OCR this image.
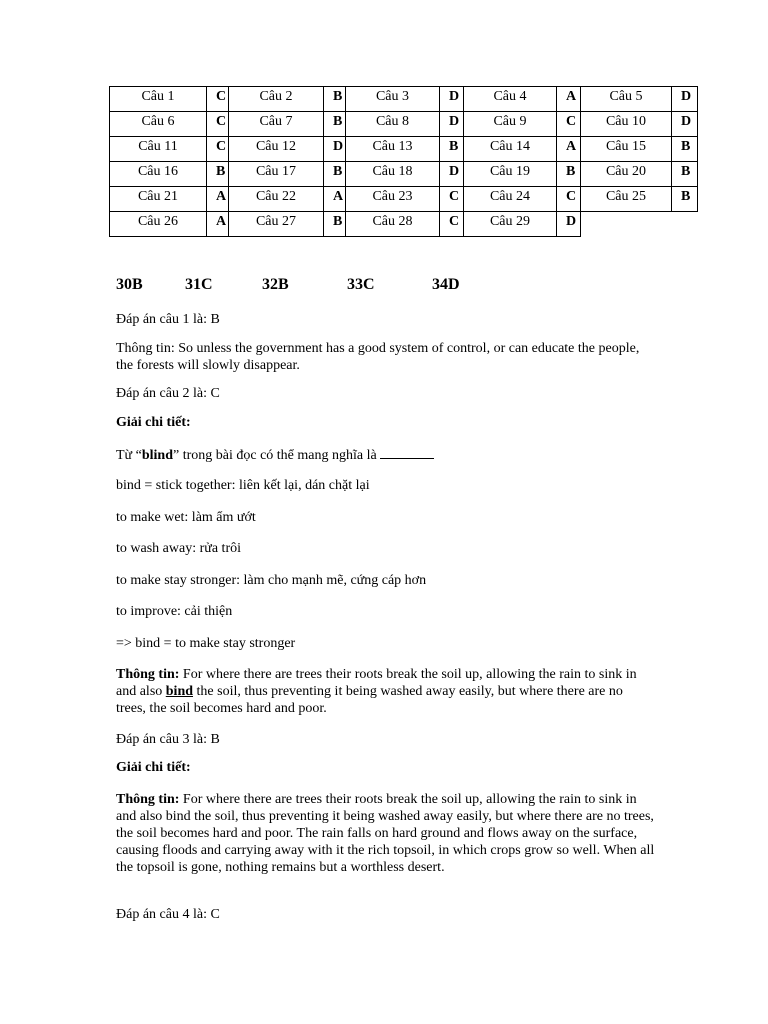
Câu 1	C	Câu 2	B	Câu 3	D	Câu 4	A	Câu 5	D
Câu 6	C	Câu 7	B	Câu 8	D	Câu 9	C	Câu 10	D
Câu 11	C	Câu 12	D	Câu 13	B	Câu 14	A	Câu 15	B
Câu 16	B	Câu 17	B	Câu 18	D	Câu 19	B	Câu 20	B
Câu 21	A	Câu 22	A	Câu 23	C	Câu 24	C	Câu 25	B
Câu 26	A	Câu 27	B	Câu 28	C	Câu 29	D		
30B	31C	32B	33C	34D

Đáp án câu 1 là: B

Thông tin: So unless the government has a good system of control, or can educate the people, the forests will slowly disappear.

Đáp án câu 2 là: C

Giải chi tiết:

Từ “blind” trong bài đọc có thể mang nghĩa là

bind = stick together: liên kết lại, dán chặt lại

to make wet: làm ẩm ướt

to wash away: rửa trôi

to make stay stronger: làm cho mạnh mẽ, cứng cáp hơn

to improve: cải thiện

=> bind = to make stay stronger

Thông tin: For where there are trees their roots break the soil up, allowing the rain to sink in and also bind the soil, thus preventing it being washed away easily, but where there are no trees, the soil becomes hard and poor.

Đáp án câu 3 là: B

Giải chi tiết:

Thông tin: For where there are trees their roots break the soil up, allowing the rain to sink in and also bind the soil, thus preventing it being washed away easily, but where there are no trees, the soil becomes hard and poor. The rain falls on hard ground and flows away on the surface, causing floods and carrying away with it the rich topsoil, in which crops grow so well. When all the topsoil is gone, nothing remains but a worthless desert.

Đáp án câu 4 là: C
